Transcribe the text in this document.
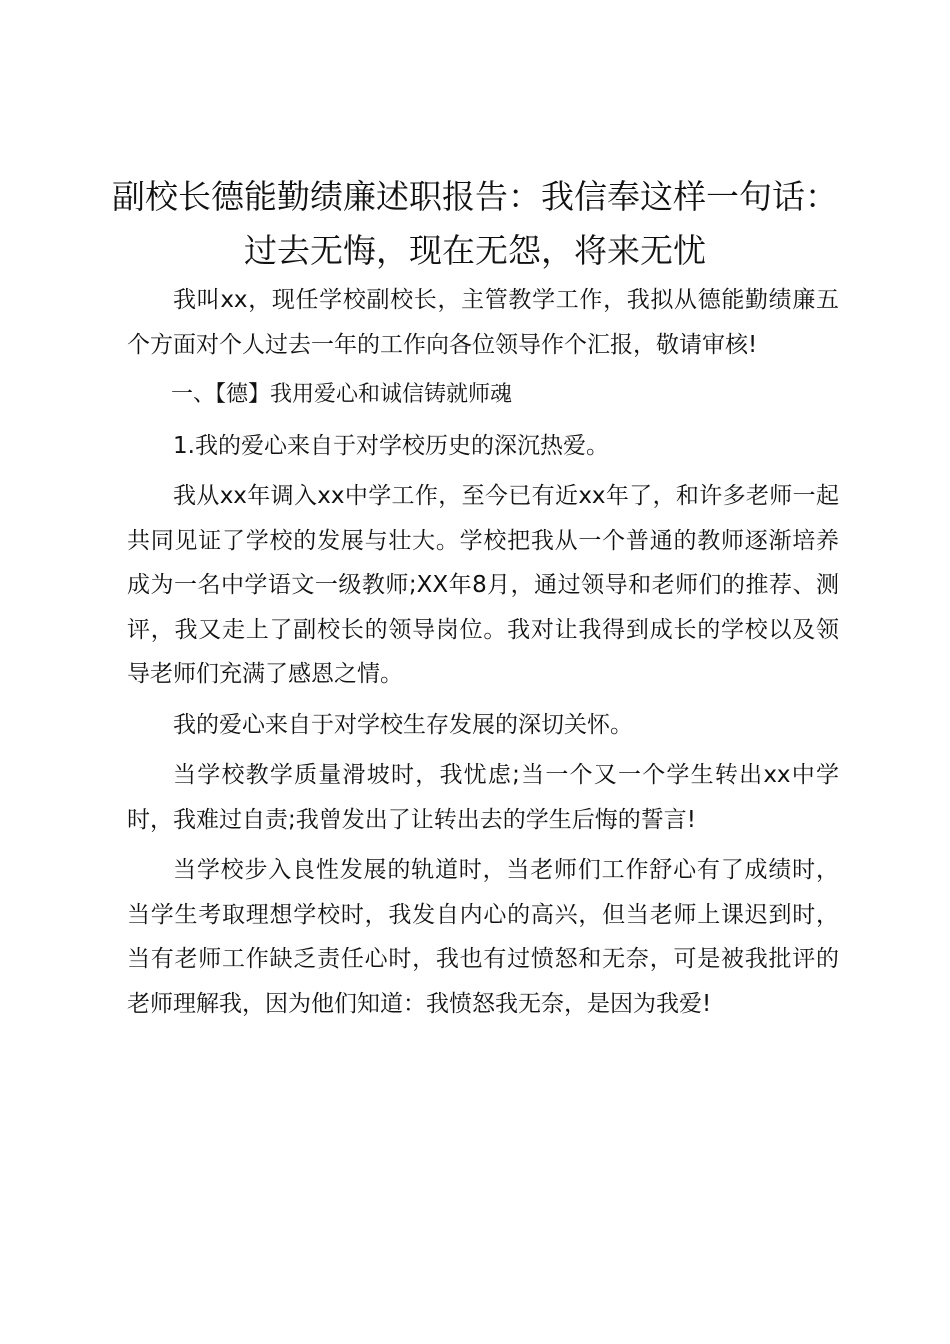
副校长德能勤绩廉述职报告：我信奉这样一句话：过去无悔，现在无怨，将来无忧

我叫xx，现任学校副校长，主管教学工作，我拟从德能勤绩廉五个方面对个人过去一年的工作向各位领导作个汇报，敬请审核!

一、【德】我用爱心和诚信铸就师魂

1.我的爱心来自于对学校历史的深沉热爱。

我从xx年调入xx中学工作，至今已有近xx年了，和许多老师一起共同见证了学校的发展与壮大。学校把我从一个普通的教师逐渐培养成为一名中学语文一级教师;XX年8月，通过领导和老师们的推荐、测评，我又走上了副校长的领导岗位。我对让我得到成长的学校以及领导老师们充满了感恩之情。

我的爱心来自于对学校生存发展的深切关怀。

当学校教学质量滑坡时，我忧虑;当一个又一个学生转出xx中学时，我难过自责;我曾发出了让转出去的学生后悔的誓言!

当学校步入良性发展的轨道时，当老师们工作舒心有了成绩时，当学生考取理想学校时，我发自内心的高兴，但当老师上课迟到时，当有老师工作缺乏责任心时，我也有过愤怒和无奈，可是被我批评的老师理解我，因为他们知道：我愤怒我无奈，是因为我爱!
